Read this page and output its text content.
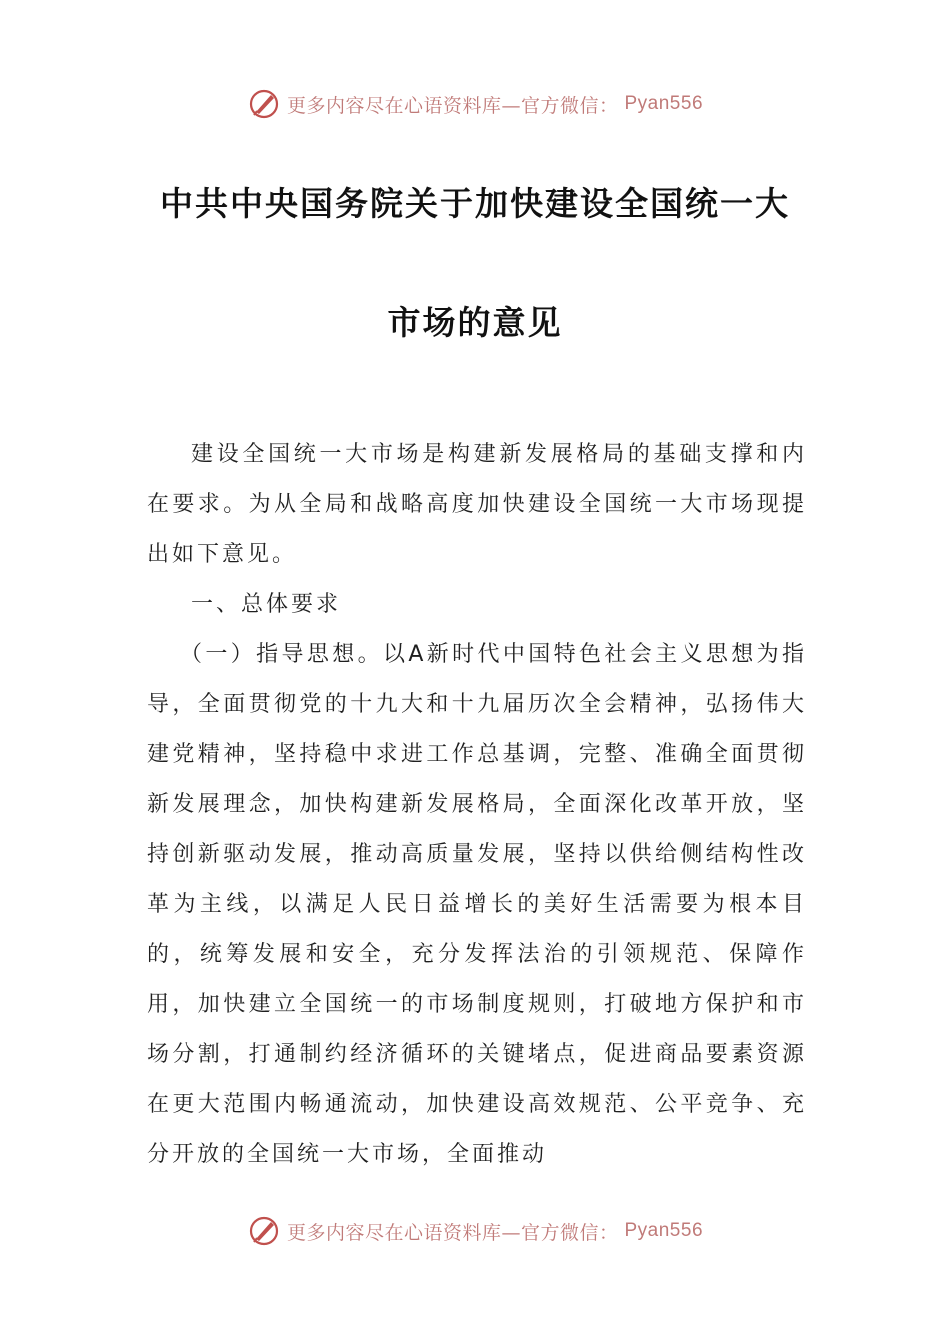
更多内容尽在心语资料库—官方微信： Pyan556
中共中央国务院关于加快建设全国统一大
市场的意见

建设全国统一大市场是构建新发展格局的基础支撑和内在要求。为从全局和战略高度加快建设全国统一大市场现提出如下意见。

一、总体要求

（一）指导思想。以A新时代中国特色社会主义思想为指导，全面贯彻党的十九大和十九届历次全会精神，弘扬伟大建党精神，坚持稳中求进工作总基调，完整、准确全面贯彻新发展理念，加快构建新发展格局，全面深化改革开放，坚持创新驱动发展，推动高质量发展，坚持以供给侧结构性改革为主线，以满足人民日益增长的美好生活需要为根本目的，统筹发展和安全，充分发挥法治的引领规范、保障作用，加快建立全国统一的市场制度规则，打破地方保护和市场分割，打通制约经济循环的关键堵点，促进商品要素资源在更大范围内畅通流动，加快建设高效规范、公平竞争、充分开放的全国统一大市场，全面推动

更多内容尽在心语资料库—官方微信： Pyan556
